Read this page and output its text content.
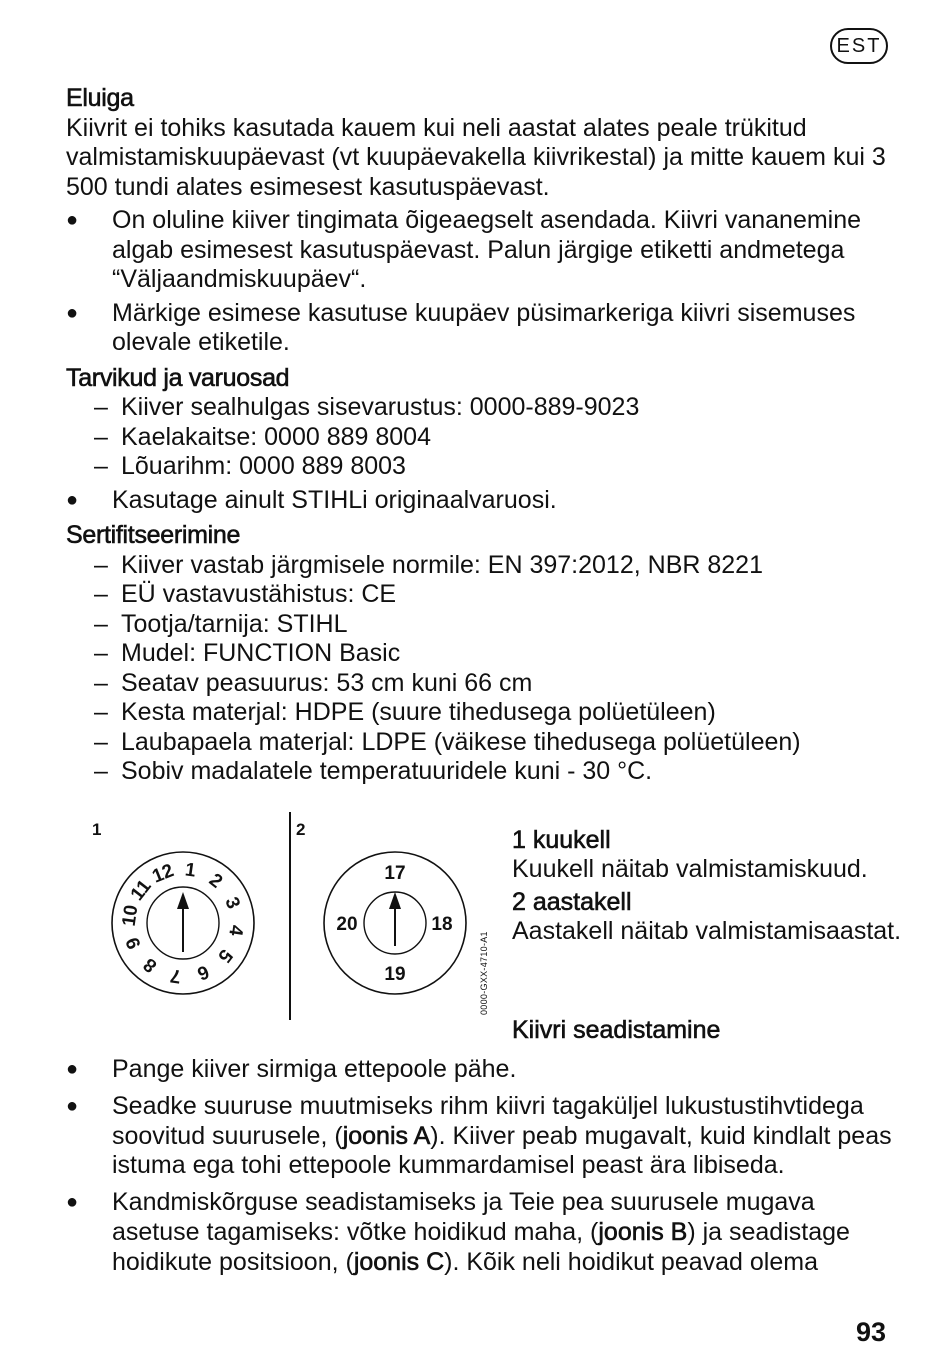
EST
Eluiga

Kiivrit ei tohiks kasutada kauem kui neli aastat alates peale trükitud valmistamiskuupäevast (vt kuupäevakella kiivrikestal) ja mitte kauem kui 3 500 tundi alates esimesest kasutuspäevast.

● On oluline kiiver tingimata õigeaegselt asendada. Kiivri vananemine algab esimesest kasutuspäevast. Palun järgige etiketti andmetega “Väljaandmiskuupäev“.
● Märkige esimese kasutuse kuupäev püsimarkeriga kiivri sisemuses olevale etiketile.
Tarvikud ja varuosad
– Kiiver sealhulgas sisevarustus: 0000-889-9023
– Kaelakaitse: 0000 889 8004
– Lõuarihm: 0000 889 8003
● Kasutage ainult STIHLi originaalvaruosi.
Sertifitseerimine
– Kiiver vastab järgmisele normile: EN 397:2012, NBR 8221
– EÜ vastavustähistus: CE
– Tootja/tarnija: STIHL
– Mudel: FUNCTION Basic
– Seatav peasuurus: 53 cm kuni 66 cm
– Kesta materjal: HDPE (suure tihedusega polüetüleen)
– Laubapaela materjal: LDPE (väikese tihedusega polüetüleen)
– Sobiv madalatele temperatuuridele kuni - 30 °C.
1	2
1 2
3
4
5
6
7
8
9
10
11
12	17
18
19
20
0000-GXX-4710-A1
1 kuukell

Kuukell näitab valmistamiskuud.

2 aastakell

Aastakell näitab valmistamisaastat.

Kiivri seadistamine
● Pange kiiver sirmiga ettepoole pähe.
● Seadke suuruse muutmiseks rihm kiivri tagaküljel lukustustihvtidega soovitud suurusele, (joonis A). Kiiver peab mugavalt, kuid kindlalt peas istuma ega tohi ettepoole kummardamisel peast ära libiseda.
● Kandmiskõrguse seadistamiseks ja Teie pea suurusele mugava asetuse tagamiseks: võtke hoidikud maha, (joonis B) ja seadistage hoidikute positsioon, (joonis C). Kõik neli hoidikut peavad olema
93
